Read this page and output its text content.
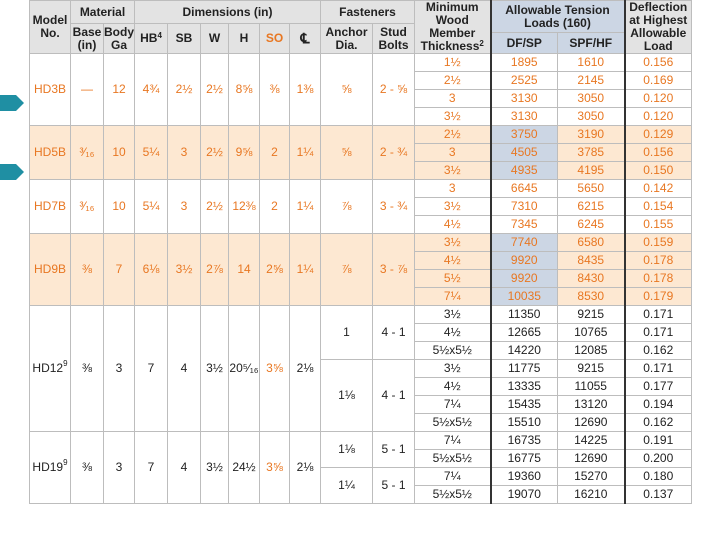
Model No.	Material		Dimensions (in)						Fasteners		Minimum Wood Member Thickness$^2$	Allowable Tension Loads (160)		Deflection at Highest Allowable Load
	Base (in)	Body Ga	$HB^4$	SB	W	H	SO	℄	Anchor Dia.	Stud Bolts				
												DF/SP	SPF/HF	
HD3B	—	12	4¾	2½	2½	8⅝	⅜	1⅜	⅝	2 - ⅝	1½	1895	1610	0.156
											2½	2525	2145	0.169
											3	3130	3050	0.120
											3½	3130	3050	0.120
HD5B	³⁄₁₆	10	5¼	3	2½	9⅝	2	1¼	⅝	2 - ¾	2½	3750	3190	0.129
											3	4505	3785	0.156
											3½	4935	4195	0.150
HD7B	³⁄₁₆	10	5¼	3	2½	12⅜	2	1¼	⅞	3 - ¾	3	6645	5650	0.142
											3½	7310	6215	0.154
											4½	7345	6245	0.155
HD9B	⅜	7	6⅛	3½	2⅞	14	2⅝	1¼	⅞	3 - ⅞	3½	7740	6580	0.159
											4½	9920	8435	0.178
											5½	9920	8430	0.178
											7¼	10035	8530	0.179
$HD12^9$	⅜	3	7	4	3½	20⁵⁄₁₆	3⅝	2⅛	1	4 - 1	3½	11350	9215	0.171
											4½	12665	10765	0.171
											5½x5½	14220	12085	0.162
									1⅛	4 - 1	3½	11775	9215	0.171
											4½	13335	11055	0.177
											7¼	15435	13120	0.194
											5½x5½	15510	12690	0.162
$HD19^9$	⅜	3	7	4	3½	24½	3⅝	2⅛	1⅛	5 - 1	7¼	16735	14225	0.191
											5½x5½	16775	12690	0.200
									1¼	5 - 1	7¼	19360	15270	0.180
											5½x5½	19070	16210	0.137
